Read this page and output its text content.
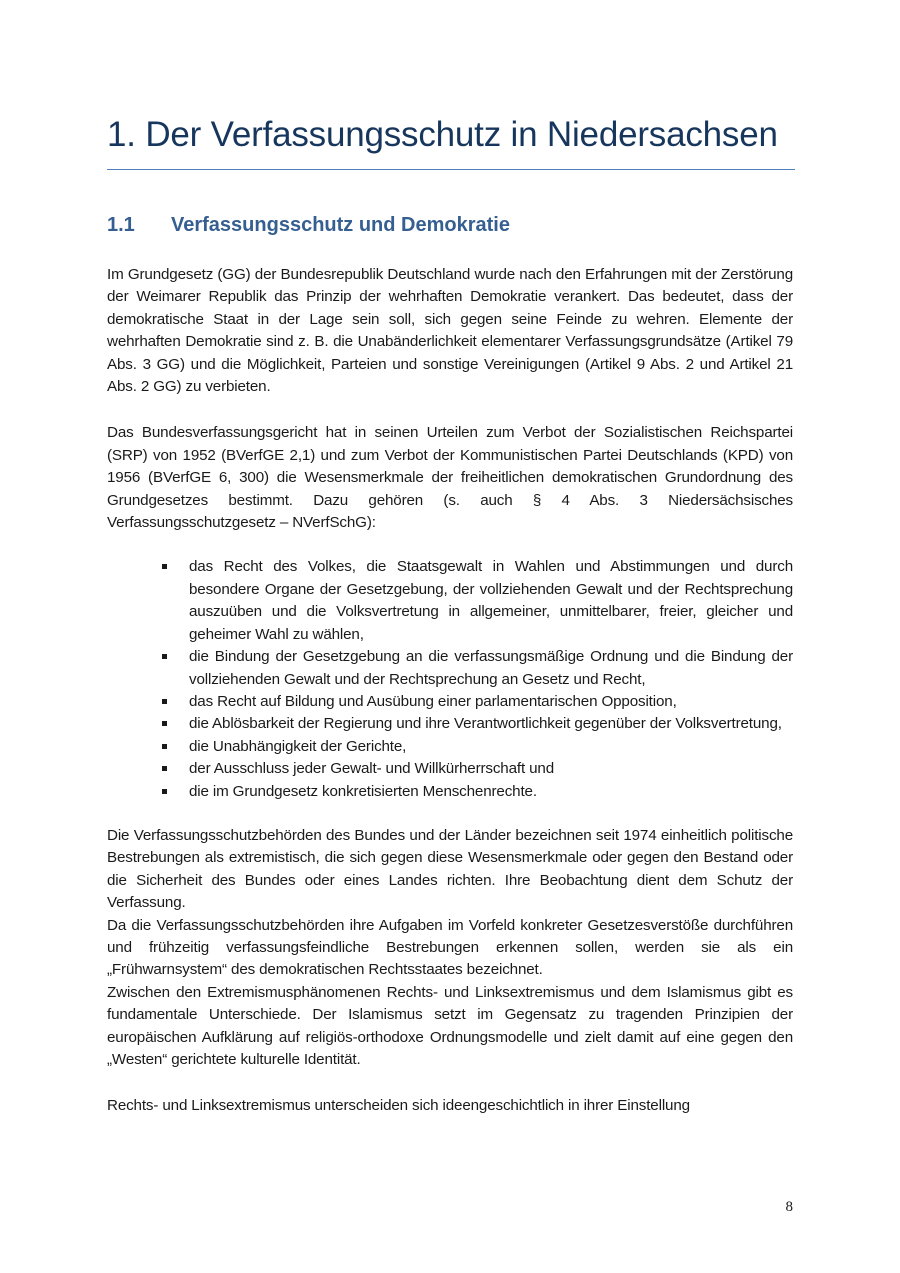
1. Der Verfassungsschutz in Niedersachsen
1.1	Verfassungsschutz und Demokratie

Im Grundgesetz (GG) der Bundesrepublik Deutschland wurde nach den Erfahrungen mit der Zerstörung der Weimarer Republik das Prinzip der wehrhaften Demokratie verankert. Das bedeutet, dass der demokratische Staat in der Lage sein soll, sich gegen seine Feinde zu wehren. Elemente der wehrhaften Demokratie sind z. B. die Unabänderlichkeit elementarer Verfassungsgrundsätze (Artikel 79 Abs. 3 GG) und die Möglichkeit, Parteien und sonstige Vereinigungen (Artikel 9 Abs. 2 und Artikel 21 Abs. 2 GG) zu verbieten.

Das Bundesverfassungsgericht hat in seinen Urteilen zum Verbot der Sozialistischen Reichspartei (SRP) von 1952 (BVerfGE 2,1) und zum Verbot der Kommunistischen Partei Deutschlands (KPD) von 1956 (BVerfGE 6, 300) die Wesensmerkmale der freiheitlichen demokratischen Grundordnung des Grundgesetzes bestimmt. Dazu gehören (s. auch § 4 Abs. 3 Niedersächsisches Verfassungsschutzgesetz – NVerfSchG):

das Recht des Volkes, die Staatsgewalt in Wahlen und Abstimmungen und durch besondere Organe der Gesetzgebung, der vollziehenden Gewalt und der Rechtsprechung auszuüben und die Volksvertretung in allgemeiner, unmittelbarer, freier, gleicher und geheimer Wahl zu wählen,
die Bindung der Gesetzgebung an die verfassungsmäßige Ordnung und die Bindung der vollziehenden Gewalt und der Rechtsprechung an Gesetz und Recht,
das Recht auf Bildung und Ausübung einer parlamentarischen Opposition,
die Ablösbarkeit der Regierung und ihre Verantwortlichkeit gegenüber der Volksvertretung,
die Unabhängigkeit der Gerichte,
der Ausschluss jeder Gewalt- und Willkürherrschaft und
die im Grundgesetz konkretisierten Menschenrechte.

Die Verfassungsschutzbehörden des Bundes und der Länder bezeichnen seit 1974 einheitlich politische Bestrebungen als extremistisch, die sich gegen diese Wesensmerkmale oder gegen den Bestand oder die Sicherheit des Bundes oder eines Landes richten. Ihre Beobachtung dient dem Schutz der Verfassung.

Da die Verfassungsschutzbehörden ihre Aufgaben im Vorfeld konkreter Gesetzesverstöße durchführen und frühzeitig verfassungsfeindliche Bestrebungen erkennen sollen, werden sie als ein „Frühwarnsystem“ des demokratischen Rechtsstaates bezeichnet.

Zwischen den Extremismusphänomenen Rechts- und Linksextremismus und dem Islamismus gibt es fundamentale Unterschiede. Der Islamismus setzt im Gegensatz zu tragenden Prinzipien der europäischen Aufklärung auf religiös-orthodoxe Ordnungsmodelle und zielt damit auf eine gegen den „Westen“ gerichtete kulturelle Identität.

Rechts- und Linksextremismus unterscheiden sich ideengeschichtlich in ihrer Einstellung

8
